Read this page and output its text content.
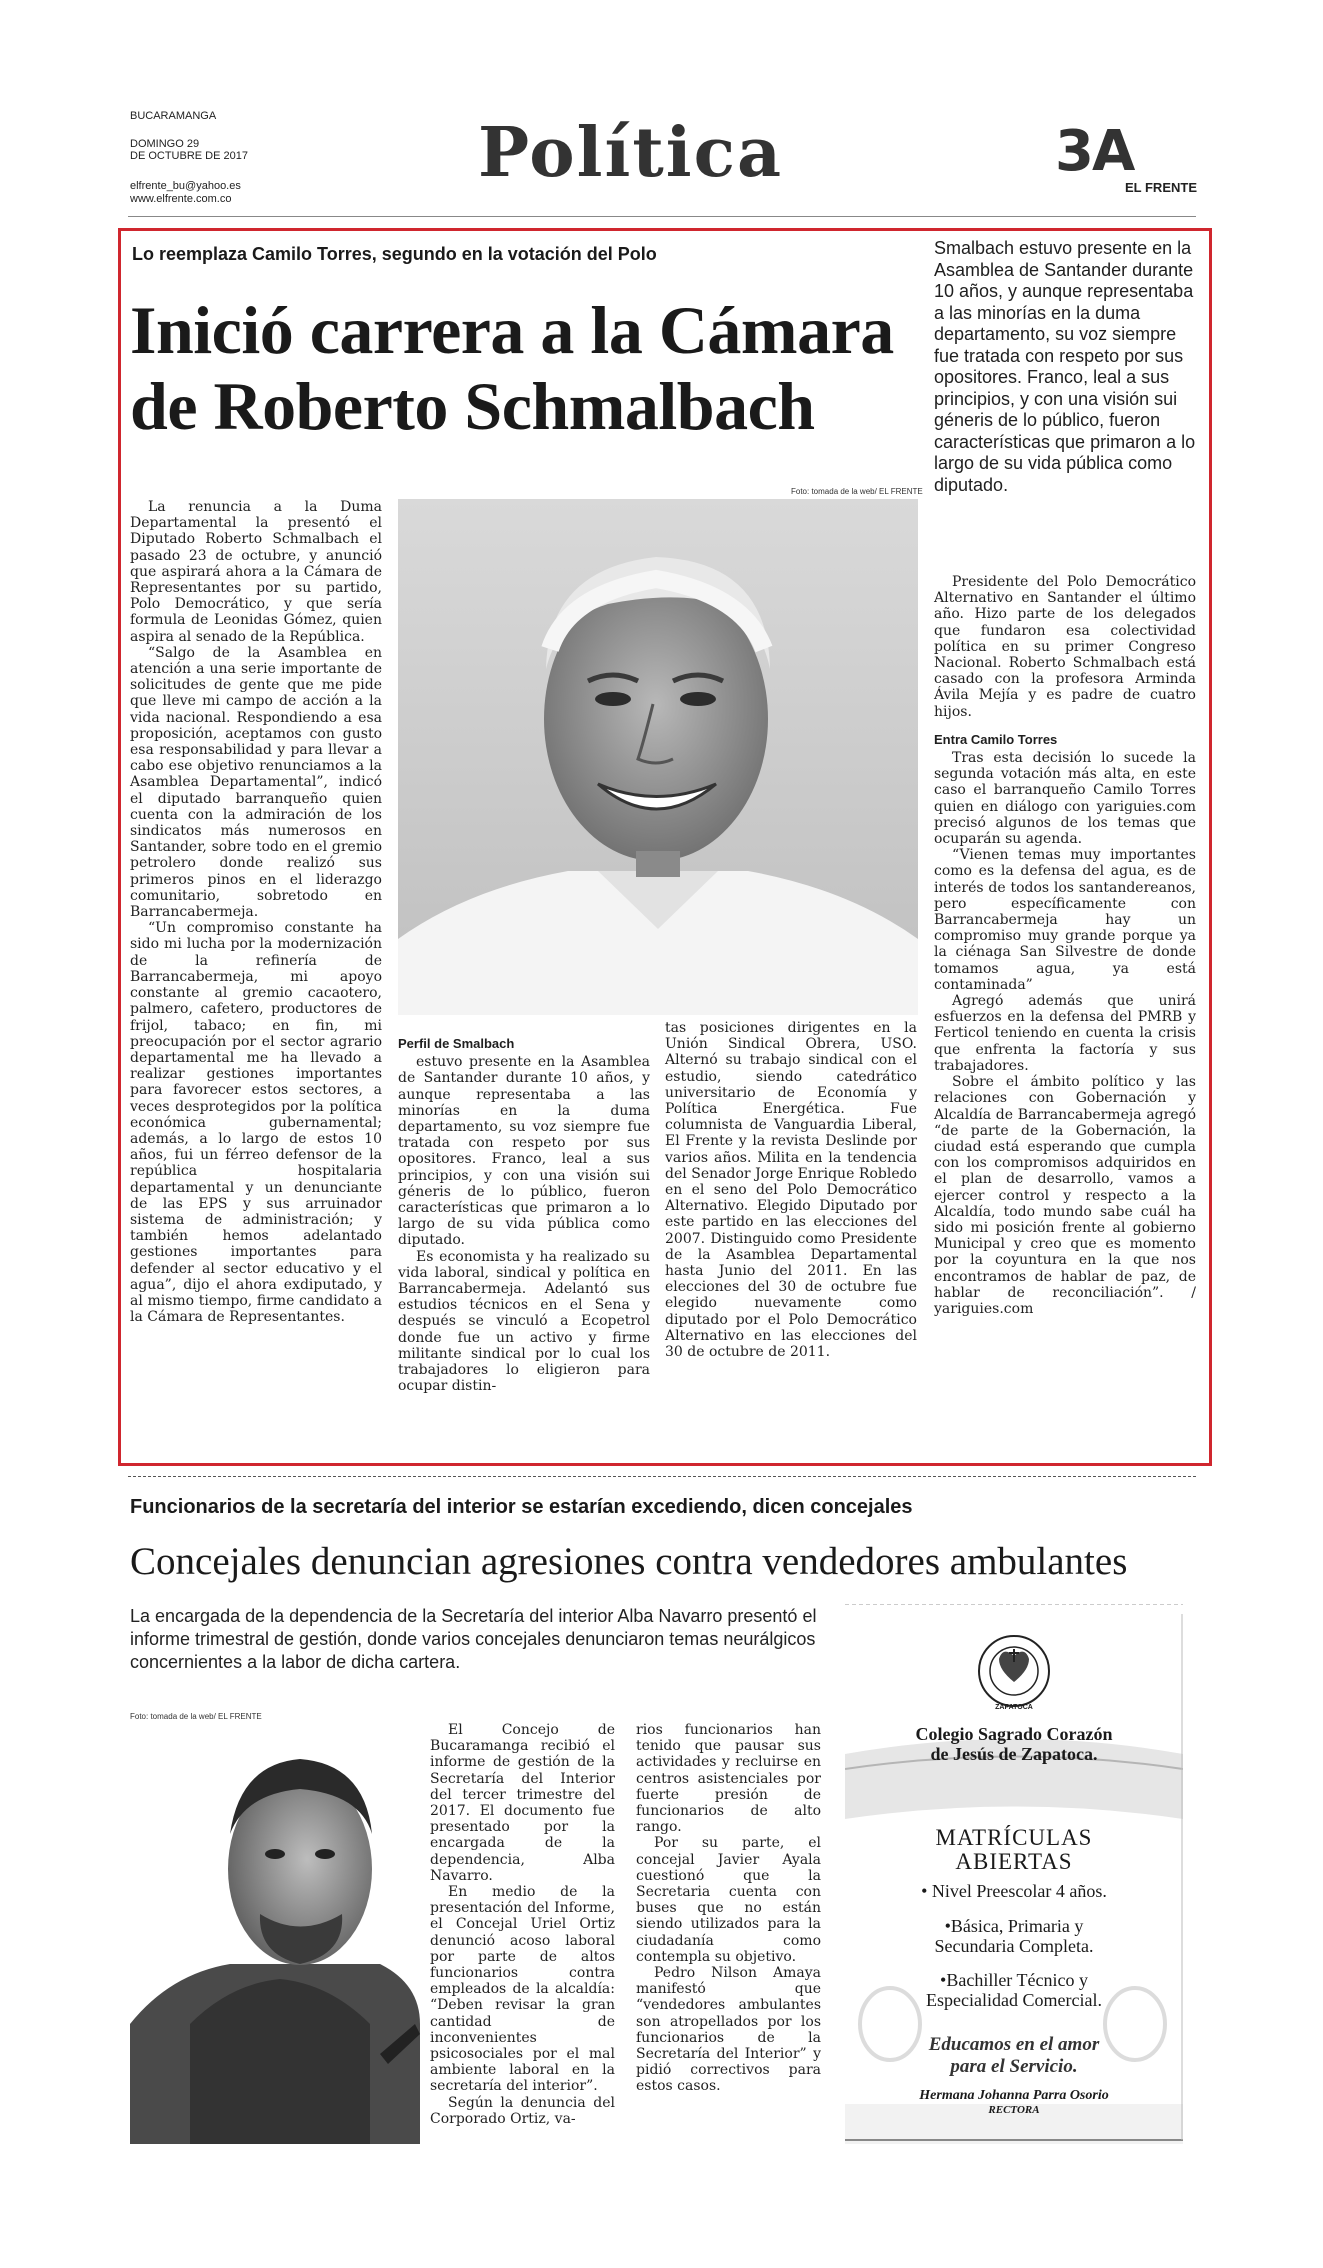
BUCARAMANGA
DOMINGO 29
DE OCTUBRE DE 2017
elfrente_bu@yahoo.es
www.elfrente.com.co
Política	3A
EL FRENTE
Lo reemplaza Camilo Torres, segundo en la votación del Polo
Inició carrera a la Cámara
de Roberto Schmalbach

Smalbach estuvo presente en la Asamblea de Santander durante 10 años, y aunque representaba a las minorías en la duma departamento, su voz siempre fue tratada con respeto por sus opositores. Franco, leal a sus principios, y con una visión sui géneris de lo público, fueron características que primaron a lo largo de su vida pública como diputado.

Foto: tomada de la web/ EL FRENTE

La renuncia a la Duma Departamental la presentó el Diputado Roberto Schmalbach el pasado 23 de octubre, y anunció que aspirará ahora a la Cámara de Representantes por su partido, Polo Democrático, y que sería formula de Leonidas Gómez, quien aspira al senado de la República.

“Salgo de la Asamblea en atención a una serie importante de solicitudes de gente que me pide que lleve mi campo de acción a la vida nacional. Respondiendo a esa proposición, aceptamos con gusto esa responsabilidad y para llevar a cabo ese objetivo renunciamos a la Asamblea Departamental”, indicó el diputado barranqueño quien cuenta con la admiración de los sindicatos más numerosos en Santander, sobre todo en el gremio petrolero donde realizó sus primeros pinos en el liderazgo comunitario, sobretodo en Barrancabermeja.

“Un compromiso constante ha sido mi lucha por la modernización de la refinería de Barrancabermeja, mi apoyo constante al gremio cacaotero, palmero, cafetero, productores de frijol, tabaco; en fin, mi preocupación por el sector agrario departamental me ha llevado a realizar gestiones importantes para favorecer estos sectores, a veces desprotegidos por la política económica gubernamental; además, a lo largo de estos 10 años, fui un férreo defensor de la república hospitalaria departamental y un denunciante de las EPS y sus arruinador sistema de administración; y también hemos adelantado gestiones importantes para defender al sector educativo y el agua”, dijo el ahora exdiputado, y al mismo tiempo, firme candidato a la Cámara de Representantes.

Perfil de Smalbach

estuvo presente en la Asamblea de Santander durante 10 años, y aunque representaba a las minorías en la duma departamento, su voz siempre fue tratada con respeto por sus opositores. Franco, leal a sus principios, y con una visión sui géneris de lo público, fueron características que primaron a lo largo de su vida pública como diputado.

Es economista y ha realizado su vida laboral, sindical y política en Barrancabermeja. Adelantó sus estudios técnicos en el Sena y después se vinculó a Ecopetrol donde fue un activo y firme militante sindical por lo cual los trabajadores lo eligieron para ocupar distin-

tas posiciones dirigentes en la Unión Sindical Obrera, USO. Alternó su trabajo sindical con el estudio, siendo catedrático universitario de Economía y Política Energética. Fue columnista de Vanguardia Liberal, El Frente y la revista Deslinde por varios años. Milita en la tendencia del Senador Jorge Enrique Robledo en el seno del Polo Democrático Alternativo. Elegido Diputado por este partido en las elecciones del 2007. Distinguido como Presidente de la Asamblea Departamental hasta Junio del 2011. En las elecciones del 30 de octubre fue elegido nuevamente como diputado por el Polo Democrático Alternativo en las elecciones del 30 de octubre de 2011.

Presidente del Polo Democrático Alternativo en Santander el último año. Hizo parte de los delegados que fundaron esa colectividad política en su primer Congreso Nacional. Roberto Schmalbach está casado con la profesora Arminda Ávila Mejía y es padre de cuatro hijos.

Entra Camilo Torres

Tras esta decisión lo sucede la segunda votación más alta, en este caso el barranqueño Camilo Torres quien en diálogo con yariguies.com precisó algunos de los temas que ocuparán su agenda.

“Vienen temas muy importantes como es la defensa del agua, es de interés de todos los santandereanos, pero específicamente con Barrancabermeja hay un compromiso muy grande porque ya la ciénaga San Silvestre de donde tomamos agua, ya está contaminada”

Agregó además que unirá esfuerzos en la defensa del PMRB y Ferticol teniendo en cuenta la crisis que enfrenta la factoría y sus trabajadores.

Sobre el ámbito político y las relaciones con Gobernación y Alcaldía de Barrancabermeja agregó “de parte de la Gobernación, la ciudad está esperando que cumpla con los compromisos adquiridos en el plan de desarrollo, vamos a ejercer control y respecto a la Alcaldía, todo mundo sabe cuál ha sido mi posición frente al gobierno Municipal y creo que es momento por la coyuntura en la que nos encontramos de hablar de paz, de hablar de reconciliación”. / yariguies.com

Funcionarios de la secretaría del interior se estarían excediendo, dicen concejales
Concejales denuncian agresiones contra vendedores ambulantes
La encargada de la dependencia de la Secretaría del interior Alba Navarro presentó el informe trimestral de gestión, donde varios concejales denunciaron temas neurálgicos concernientes a la labor de dicha cartera.
Foto: tomada de la web/ EL FRENTE

El Concejo de Bucaramanga recibió el informe de gestión de la Secretaría del Interior del tercer trimestre del 2017. El documento fue presentado por la encargada de la dependencia, Alba Navarro.

En medio de la presentación del Informe, el Concejal Uriel Ortiz denunció acoso laboral por parte de altos funcionarios contra empleados de la alcaldía: “Deben revisar la gran cantidad de inconvenientes psicosociales por el mal ambiente laboral en la secretaría del interior”.

Según la denuncia del Corporado Ortiz, va-

rios funcionarios han tenido que pausar sus actividades y recluirse en centros asistenciales por fuerte presión de funcionarios de alto rango.

Por su parte, el concejal Javier Ayala cuestionó que la Secretaria cuenta con buses que no están siendo utilizados para la ciudadanía como contempla su objetivo.

Pedro Nilson Amaya manifestó que “vendedores ambulantes son atropellados por los funcionarios de la Secretaría del Interior” y pidió correctivos para estos casos.

ZAPATOCA
Colegio Sagrado Corazón
de Jesús de Zapatoca.
MATRÍCULAS
ABIERTAS
• Nivel Preescolar 4 años.
•Básica, Primaria y
Secundaria Completa.
•Bachiller Técnico y
Especialidad Comercial.
Educamos en el amor
para el Servicio.
Hermana Johanna Parra Osorio
RECTORA
